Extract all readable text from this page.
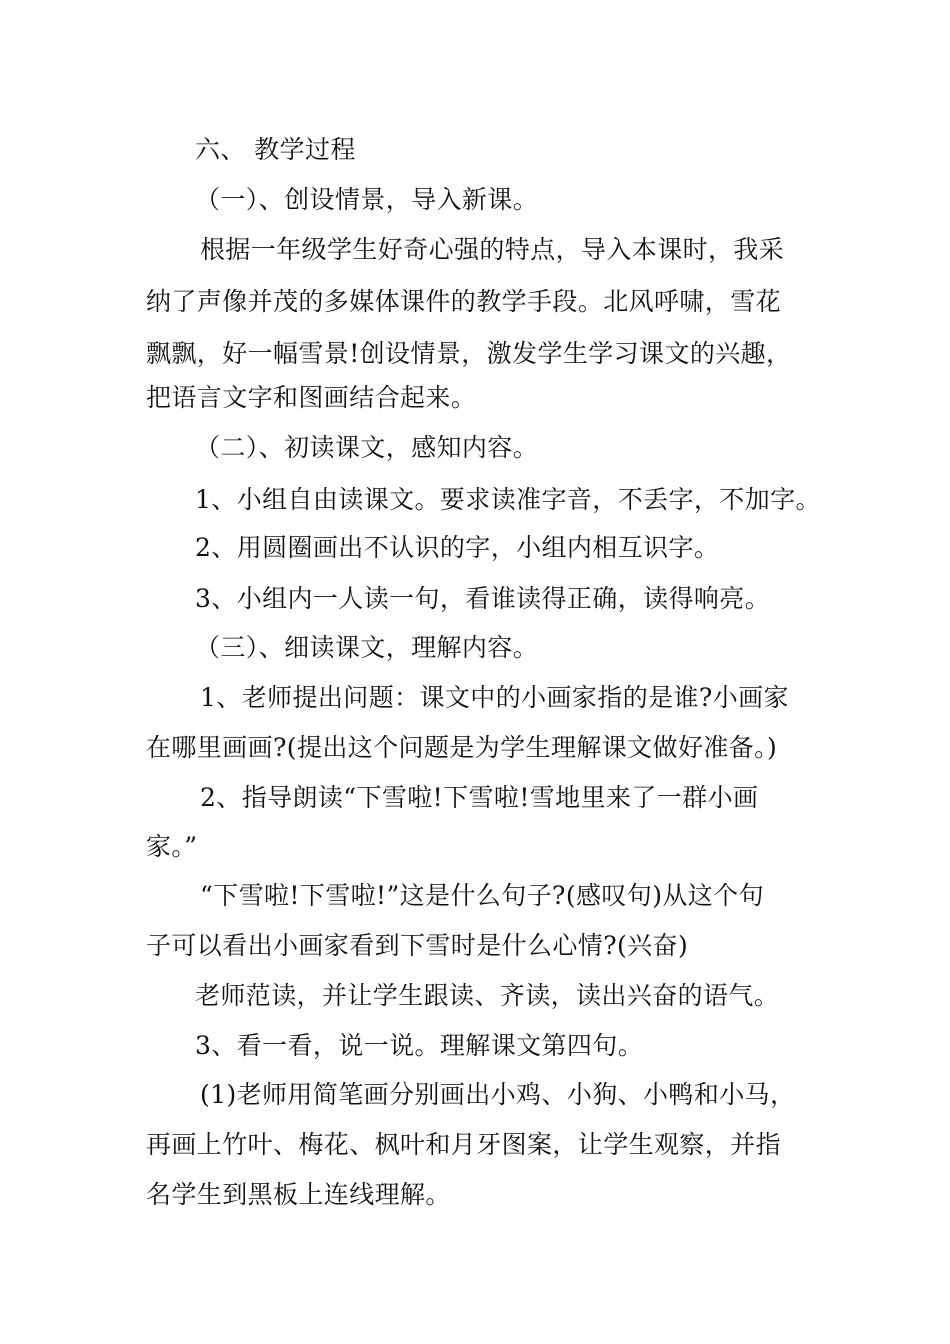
六、 教学过程
（一）、创设情景，导入新课。
根据一年级学生好奇心强的特点，导入本课时，我采
纳了声像并茂的多媒体课件的教学手段。北风呼啸，雪花
飘飘，好一幅雪景!创设情景，激发学生学习课文的兴趣，
把语言文字和图画结合起来。
（二）、初读课文，感知内容。
1、小组自由读课文。要求读准字音，不丢字，不加字。
2、用圆圈画出不认识的字，小组内相互识字。
3、小组内一人读一句，看谁读得正确，读得响亮。
（三）、细读课文，理解内容。
1、老师提出问题：课文中的小画家指的是谁?小画家
在哪里画画?(提出这个问题是为学生理解课文做好准备。)
2、指导朗读“下雪啦!下雪啦!雪地里来了一群小画
家。”
“下雪啦!下雪啦!”这是什么句子?(感叹句)从这个句
子可以看出小画家看到下雪时是什么心情?(兴奋)
老师范读，并让学生跟读、齐读，读出兴奋的语气。
3、看一看，说一说。理解课文第四句。
(1)老师用简笔画分别画出小鸡、小狗、小鸭和小马，
再画上竹叶、梅花、枫叶和月牙图案，让学生观察，并指
名学生到黑板上连线理解。
